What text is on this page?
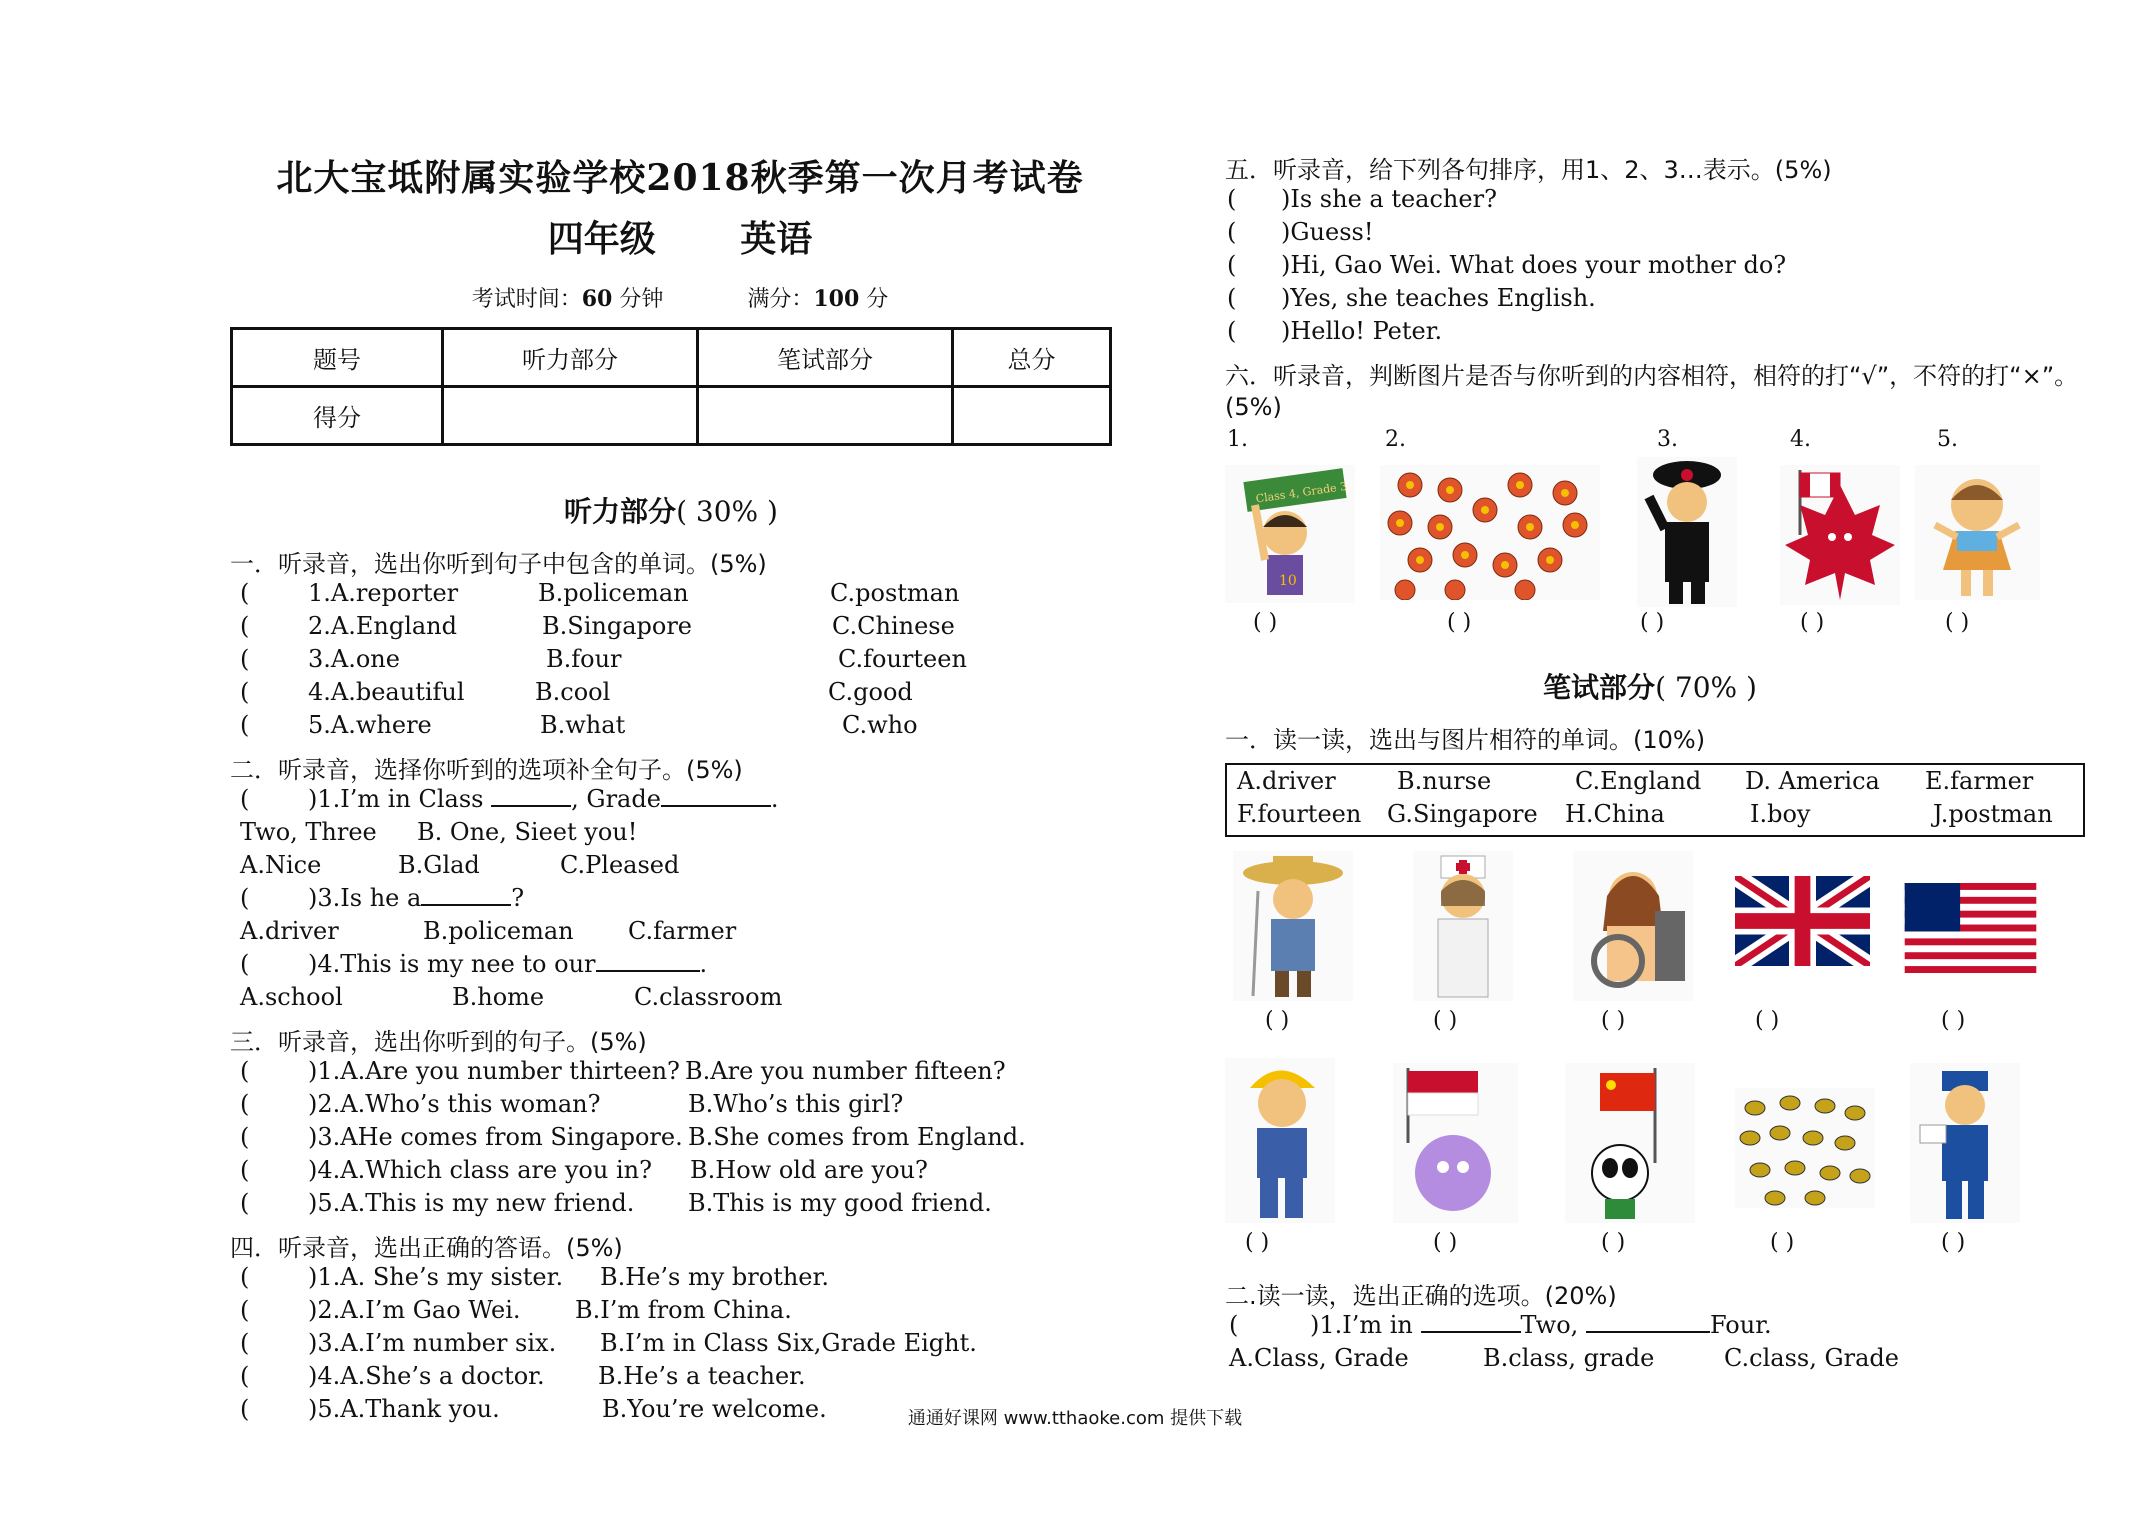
北大宝坻附属实验学校2018秋季第一次月考试卷
四年级 英语
考试时间：60 分钟	满分：100 分
题号	听力部分	笔试部分	总分
得分			
听力部分( 30% )
一．听录音，选出你听到句子中包含的单词。(5%)
( 1.A.reporter	B.policeman	C.postman
( 2.A.England	B.Singapore	C.Chinese
( 3.A.one	B.four	C.fourteen
( 4.A.beautiful	B.cool	C.good
( 5.A.where	B.what	C.who
二．听录音，选择你听到的选项补全句子。(5%)
( )1.I’m in Class	, Grade	.
Two, Three B. One, Sieet you!
A.Nice	B.Glad	C.Pleased
( )3.Is he a	?
A.driver	B.policeman C.farmer
( )4.This is my nee to our	.
A.school	B.home	C.classroom
三．听录音，选出你听到的句子。(5%)
( )1.A.Are you number thirteen? B.Are you number fifteen?
( )2.A.Who’s this woman?	B.Who’s this girl?
( )3.AHe comes from Singapore. B.She comes from England.
( )4.A.Which class are you in? B.How old are you?
( )5.A.This is my new friend. B.This is my good friend.
四．听录音，选出正确的答语。(5%)
( )1.A. She’s my sister. B.He’s my brother.
( )2.A.I’m Gao Wei. B.I’m from China.
( )3.A.I’m number six. B.I’m in Class Six,Grade Eight.
( )4.A.She’s a doctor. B.He’s a teacher.
( )5.A.Thank you.	B.You’re welcome.
五．听录音，给下列各句排序，用1、2、3…表示。(5%)
( )Is she a teacher?
( )Guess!
( )Hi, Gao Wei. What does your mother do?
( )Yes, she teaches English.
( )Hello! Peter.
六．听录音，判断图片是否与你听到的内容相符，相符的打“√”，不符的打“×”。
(5%)
1.	2.	3.	4.	5.
Class 4, Grade 3
10
( )	( )	( )	( )	( )
笔试部分( 70% )
一．读一读，选出与图片相符的单词。(10%)
A.driver	B.nurse	C.England D. America E.farmer
F.fourteen G.Singapore H.China	I.boy	J.postman
( )	( )	( )	( )	( )
( )	( )	( )	( )	( )
二.读一读，选出正确的选项。(20%)
(	)1.I’m in	Two,	Four.
A.Class, Grade	B.class, grade	C.class, Grade
通通好课网 www.tthaoke.com 提供下载
